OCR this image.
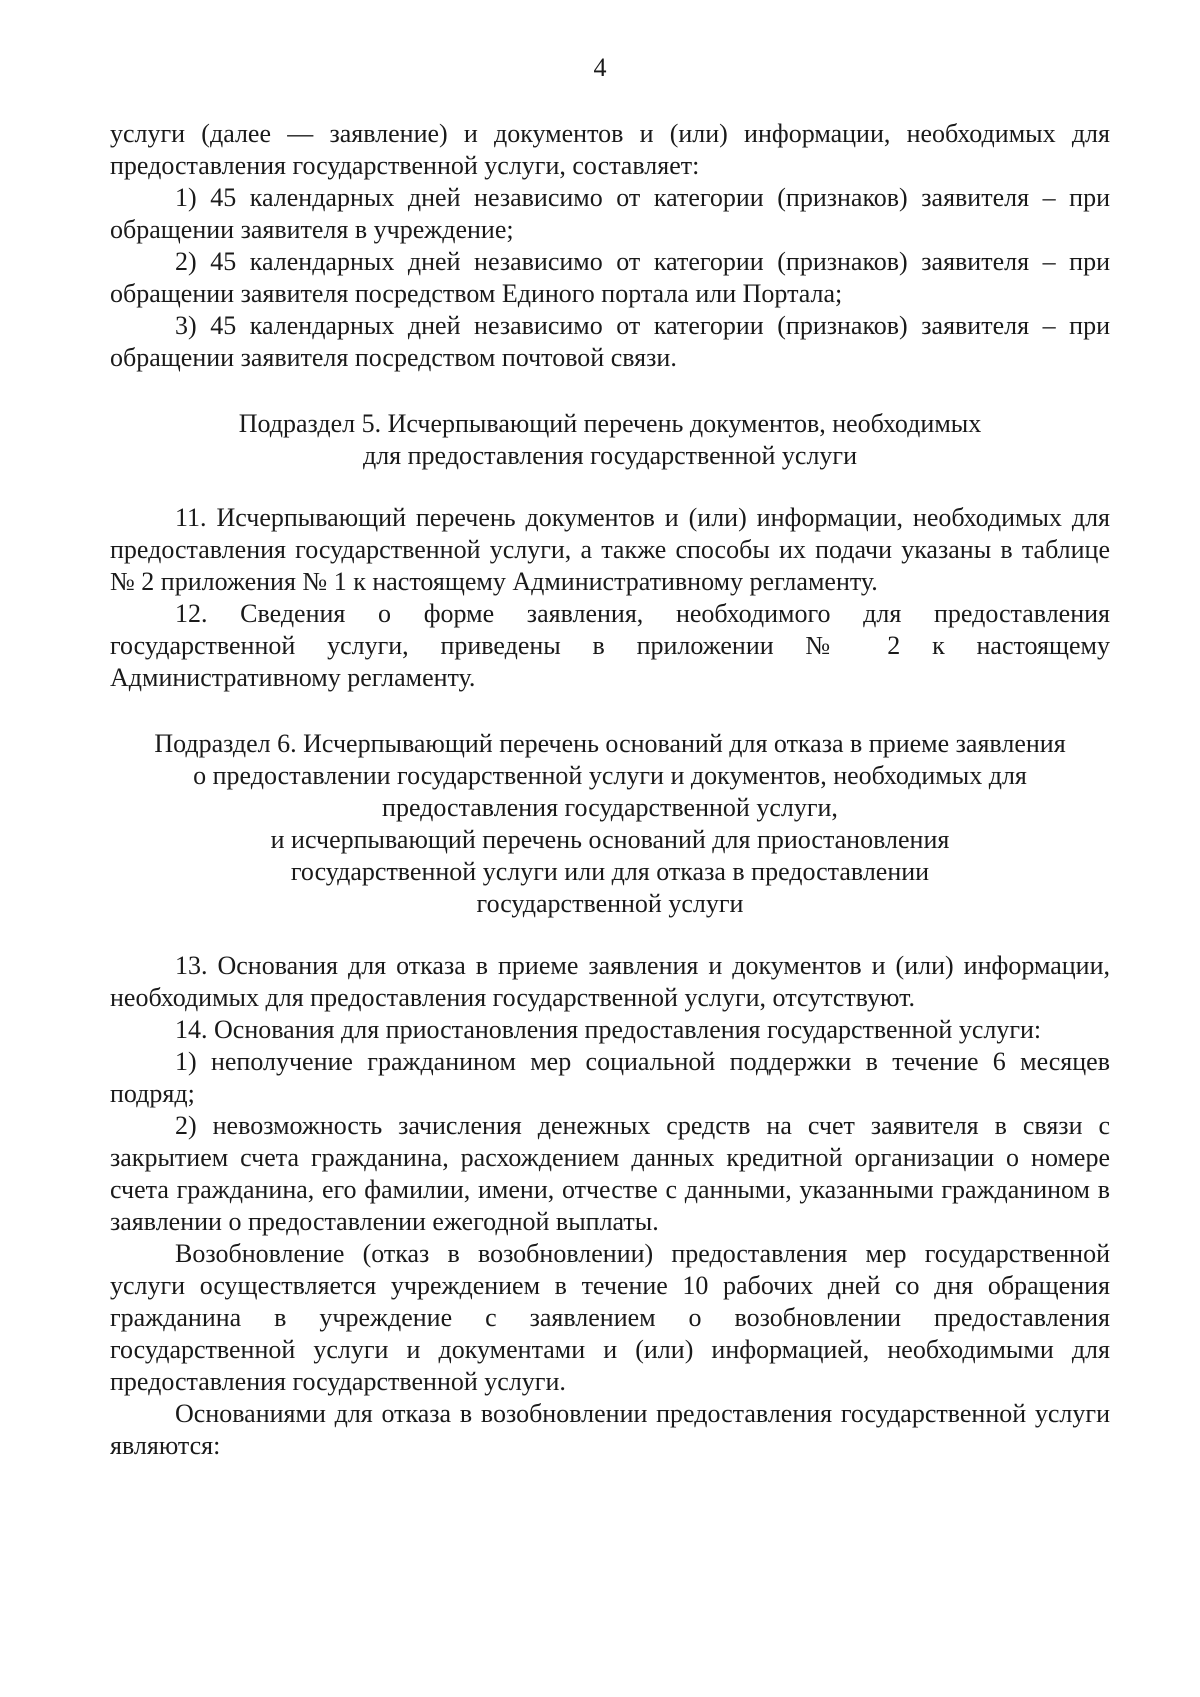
4

услуги (далее — заявление) и документов и (или) информации, необходимых для предоставления государственной услуги, составляет:

1) 45 календарных дней независимо от категории (признаков) заявителя – при обращении заявителя в учреждение;

2) 45 календарных дней независимо от категории (признаков) заявителя – при обращении заявителя посредством Единого портала или Портала;

3) 45 календарных дней независимо от категории (признаков) заявителя – при обращении заявителя посредством почтовой связи.

Подраздел 5. Исчерпывающий перечень документов, необходимых
для предоставления государственной услуги

11. Исчерпывающий перечень документов и (или) информации, необходимых для предоставления государственной услуги, а также способы их подачи указаны в таблице № 2 приложения № 1 к настоящему Административному регламенту.

12. Сведения о форме заявления, необходимого для предоставления государственной услуги, приведены в приложении № 2 к настоящему Административному регламенту.

Подраздел 6. Исчерпывающий перечень оснований для отказа в приеме заявления
о предоставлении государственной услуги и документов, необходимых для
предоставления государственной услуги,
и исчерпывающий перечень оснований для приостановления
государственной услуги или для отказа в предоставлении
государственной услуги

13. Основания для отказа в приеме заявления и документов и (или) информации, необходимых для предоставления государственной услуги, отсутствуют.

14. Основания для приостановления предоставления государственной услуги:

1) неполучение гражданином мер социальной поддержки в течение 6 месяцев подряд;

2) невозможность зачисления денежных средств на счет заявителя в связи с закрытием счета гражданина, расхождением данных кредитной организации о номере счета гражданина, его фамилии, имени, отчестве с данными, указанными гражданином в заявлении о предоставлении ежегодной выплаты.

Возобновление (отказ в возобновлении) предоставления мер государственной услуги осуществляется учреждением в течение 10 рабочих дней со дня обращения гражданина в учреждение с заявлением о возобновлении предоставления государственной услуги и документами и (или) информацией, необходимыми для предоставления государственной услуги.

Основаниями для отказа в возобновлении предоставления государственной услуги являются:
